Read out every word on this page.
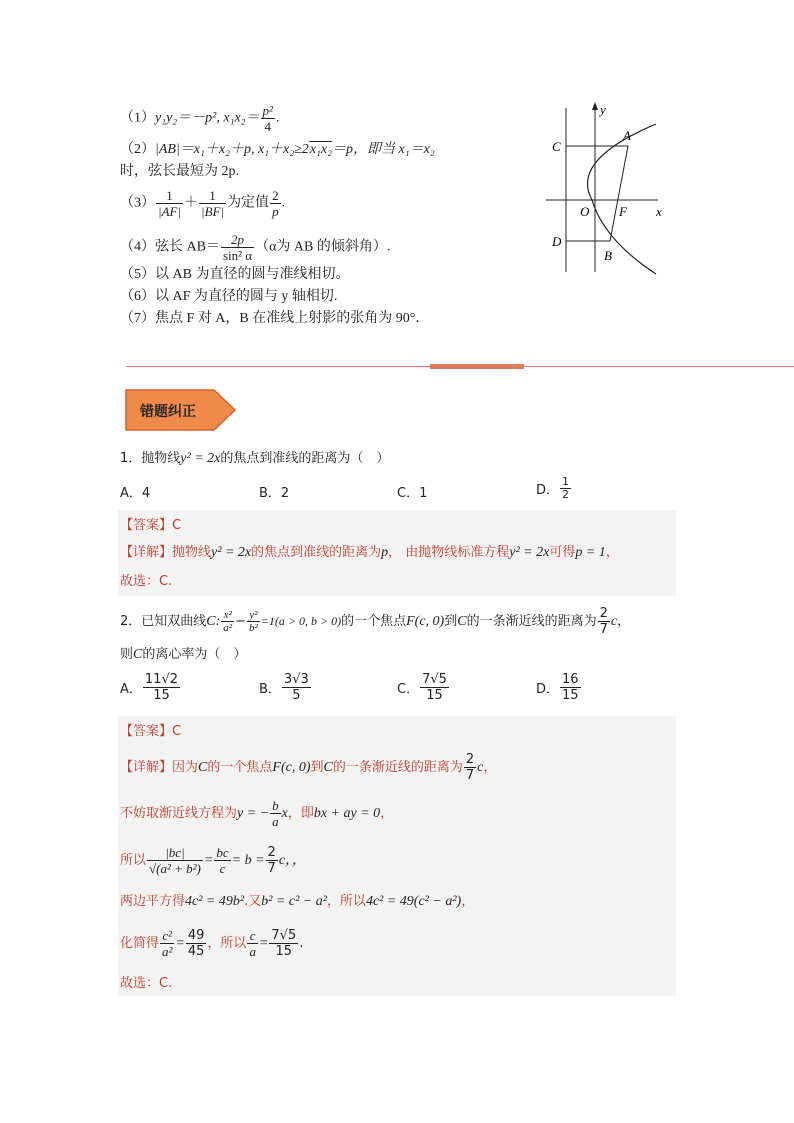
（1）y₁y₂＝－p², $x_1x_2= \frac{\text{p²}}{4}$ .
（2）|AB|＝x₁＋x₂＋p, x₁＋x₂≥2x₁x₂＝p，即当 x₁＝x₂
时，弦长最短为 2p.
$(3) \frac{1}{|AF|} + \frac{1}{|BF|}$ 为定值 $\frac{2}{p}$ .
（4）弦长 $AB= \frac{2p}{\text{sin² α}} (\alpha$为 AB 的倾斜角）.
（5）以 AB 为直径的圆与准线相切。
（6）以 AF 为直径的圆与 y 轴相切.
（7）焦点 F 对 A，B 在准线上射影的张角为 90°．
y
x
A
B
C
D
O F
错题纠正
1．抛物线y² = 2x的焦点到准线的距离为（　）
A．4	B．2	C．1	D． $\frac{1}{2}$
【答案】C
【详解】抛物线y² = 2x的焦点到准线的距离为p， 由抛物线标准方程y² = 2x可得p = 1，
故选：C.
2．已知双曲线C: $\frac{\text{x²}}{\text{a²}} - \frac{\text{y²}}{\text{b²}} =1(a > 0$, b > 0)的一个焦点F(c, 0)到C的一条渐近线的距离为 $\frac{2}{7}$ c，
则C的离心率为（　）
A． $\frac{11√2}{15}$	B． $\frac{3√3}{5}$	C． $\frac{7√5}{15}$	D． $\frac{16}{15}$
【答案】C
【详解】因为C的一个焦点F(c, 0)到C的一条渐近线的距离为 $\frac{2}{7}$ c，
不妨取渐近线方程为y = − $\frac{b}{a}$ x，即bx + ay = 0，
所以 $\frac{|bc|}{\text{√(a² + b²)}} = \frac{bc}{c} = b = \frac{2}{7}$ c，，
两边平方得4c² = 49b².又b² = c² − a²，所以4c² = 49(c² − a²)，
化简得 $\frac{\text{c²}}{\text{a²}} = \frac{49}{45}$ ，所以 $\frac{c}{a} = \frac{7√5}{15}$ .
故选：C.
